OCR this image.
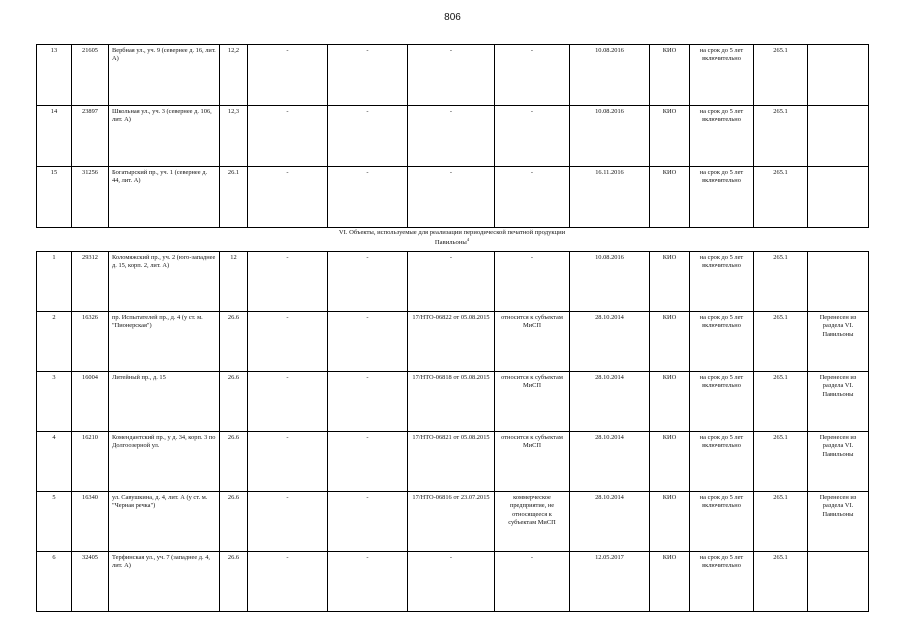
806
13	21605	Вербная ул., уч. 9 (севернее д. 16, лит. А)	12,2	-	-	-	-	10.08.2016	КИО	на срок до 5 лет включительно	265.1	
14	23897	Школьная ул., уч. 3 (севернее д. 106, лит. А)	12,3	-	-	-	-	10.08.2016	КИО	на срок до 5 лет включительно	265.1	
15	31256	Богатырский пр., уч. 1 (севернее д. 44, лит. А)	26.1	-	-	-	-	16.11.2016	КИО	на срок до 5 лет включительно	265.1	
VI. Объекты, используемые для реализации периодической печатной продукции
Павильоны$^4$
1	29312	Коломяжский пр., уч. 2 (юго-западнее д. 15, корп. 2, лит. А)	12	-	-	-	-	10.08.2016	КИО	на срок до 5 лет включительно	265.1	
2	16326	пр. Испытателей пр., д. 4 (у ст. м. "Пионерская")	26.6	-	-	17/НТО-06822 от 05.08.2015	относится к субъектам МиСП	28.10.2014	КИО	на срок до 5 лет включительно	265.1	Перенесен из раздела VI. Павильоны
3	16004	Литейный пр., д. 15	26.6	-	-	17/НТО-06818 от 05.08.2015	относится к субъектам МиСП	28.10.2014	КИО	на срок до 5 лет включительно	265.1	Перенесен из раздела VI. Павильоны
4	16210	Комендантский пр., у д. 34, корп. 3 по Долгоозерной ул.	26.6	-	-	17/НТО-06821 от 05.08.2015	относится к субъектам МиСП	28.10.2014	КИО	на срок до 5 лет включительно	265.1	Перенесен из раздела VI. Павильоны
5	16340	ул. Савушкина, д. 4, лит. А (у ст. м. "Черная речка")	26.6	-	-	17/НТО-06816 от 23.07.2015	коммерческое предприятие, не относящееся к субъектам МиСП	28.10.2014	КИО	на срок до 5 лет включительно	265.1	Перенесен из раздела VI. Павильоны
6	32405	Терфинская ул., уч. 7 (западнее д. 4, лит. А)	26.6	-	-	-	-	12.05.2017	КИО	на срок до 5 лет включительно	265.1	
